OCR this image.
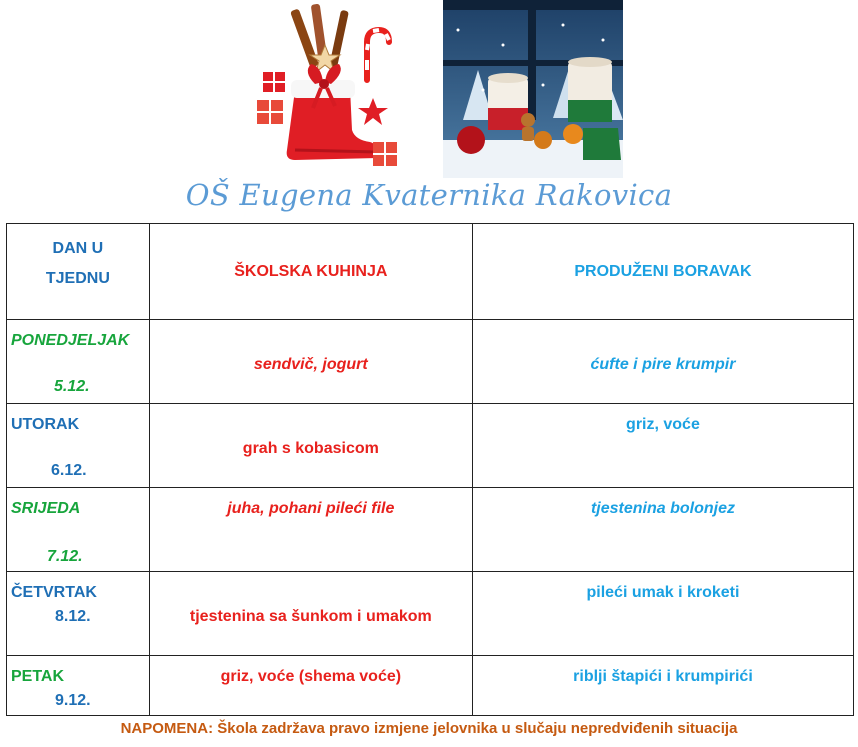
OŠ Eugena Kvaternika Rakovica
DAN U
TJEDNU	ŠKOLSKA KUHINJA	PRODUŽENI BORAVAK

PONEDJELJAK
5.12.	sendvič, jogurt	ćufte i pire krumpir

UTORAK
6.12.	grah s kobasicom	griz, voće

SRIJEDA
7.12.	juha, pohani pileći file	tjestenina bolonjez

ČETVRTAK
8.12.	tjestenina sa šunkom i umakom	pileći umak i kroketi

PETAK
9.12.	griz, voće (shema voće)	riblji štapići i krumpirići
NAPOMENA: Škola zadržava pravo izmjene jelovnika u slučaju nepredviđenih situacija
